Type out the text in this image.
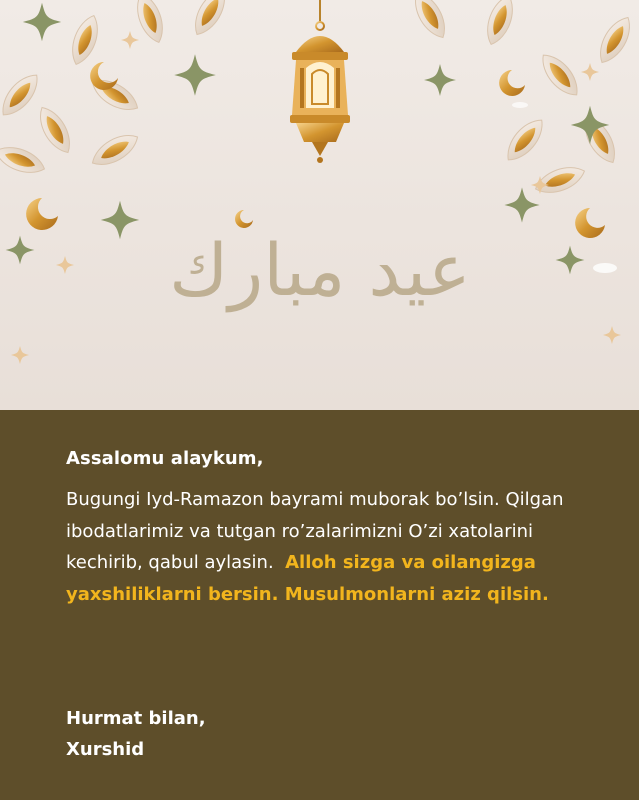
عيد مبارك
Assalomu alaykum,
Bugungi Iyd-Ramazon bayrami muborak bo’lsin. Qilgan ibodatlarimiz va tutgan ro’zalarimizni O’zi xatolarini kechirib, qabul aylasin. Alloh sizga va oilangizga yaxshiliklarni bersin. Musulmonlarni aziz qilsin.
Hurmat bilan,
Xurshid
